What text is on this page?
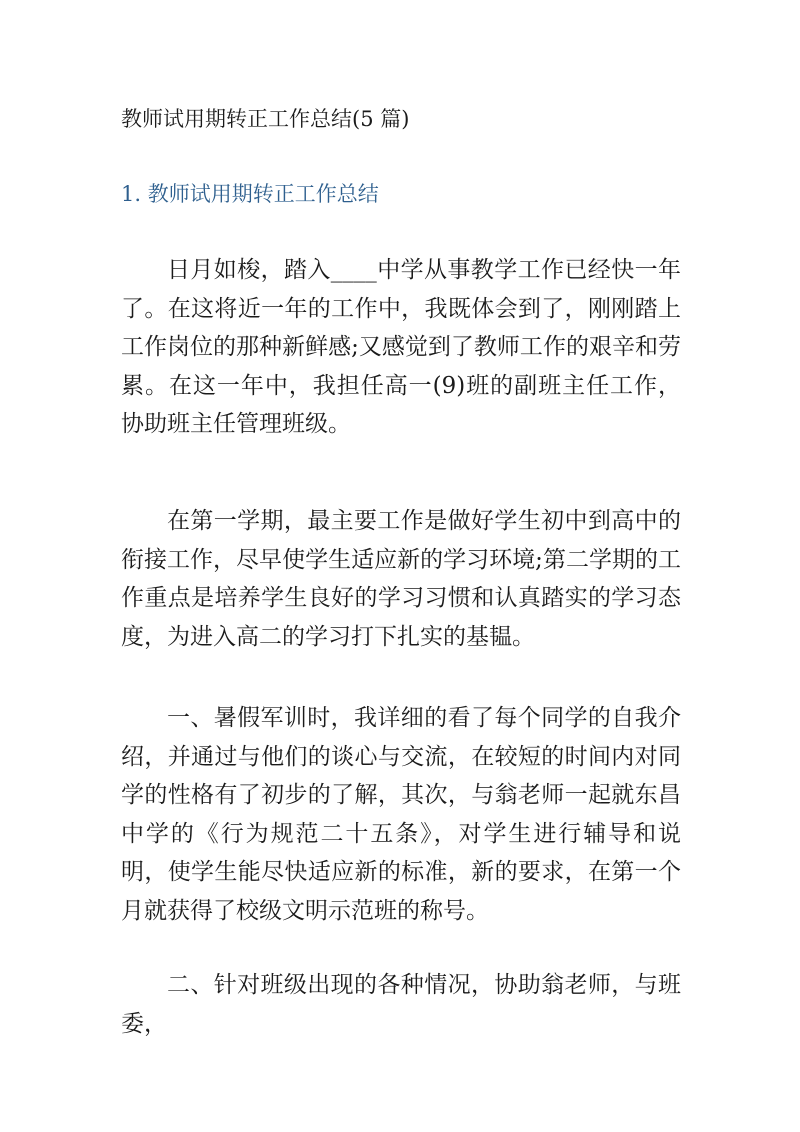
教师试用期转正工作总结(5 篇)
1. 教师试用期转正工作总结

日月如梭，踏入____中学从事教学工作已经快一年了。在这将近一年的工作中，我既体会到了，刚刚踏上工作岗位的那种新鲜感;又感觉到了教师工作的艰辛和劳累。在这一年中，我担任高一(9)班的副班主任工作，协助班主任管理班级。

在第一学期，最主要工作是做好学生初中到高中的衔接工作，尽早使学生适应新的学习环境;第二学期的工作重点是培养学生良好的学习习惯和认真踏实的学习态度，为进入高二的学习打下扎实的基韫。

一、暑假军训时，我详细的看了每个同学的自我介绍，并通过与他们的谈心与交流，在较短的时间内对同学的性格有了初步的了解，其次，与翁老师一起就东昌中学的《行为规范二十五条》，对学生进行辅导和说明，使学生能尽快适应新的标准，新的要求，在第一个月就获得了校级文明示范班的称号。

二、针对班级出现的各种情况，协助翁老师，与班委，
